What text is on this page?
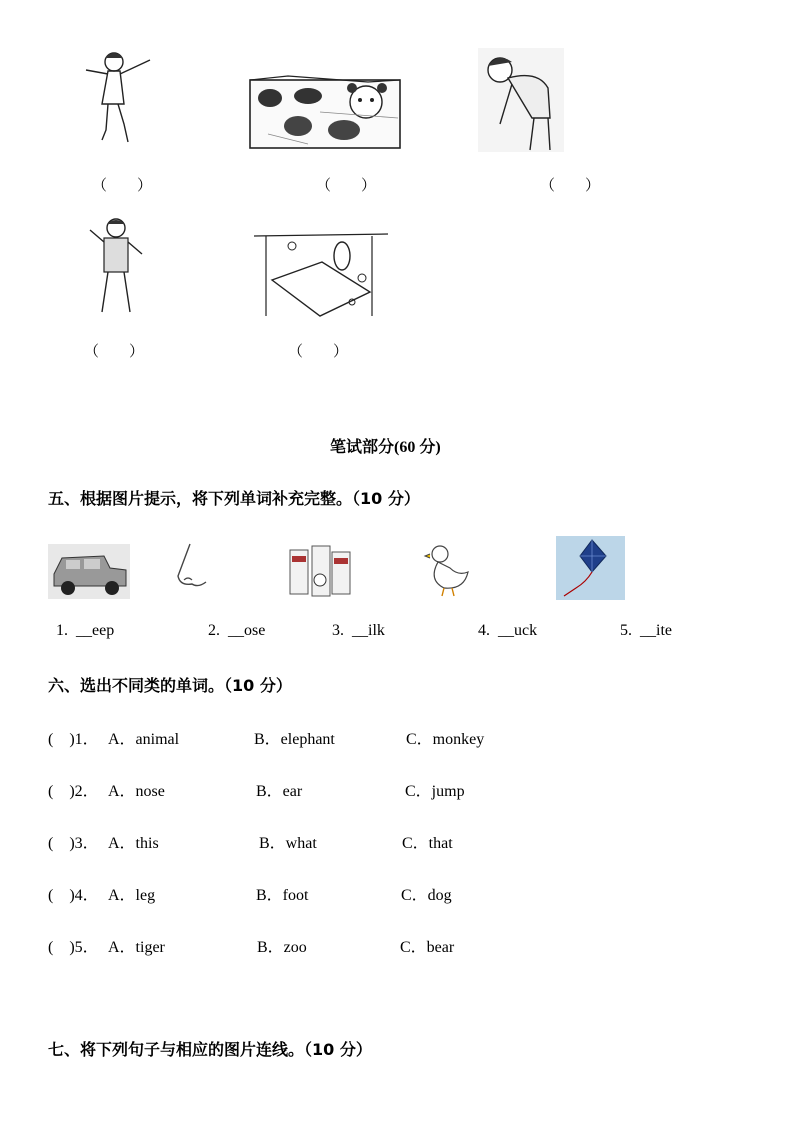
（　　）	（　　）	（　　）
（　　）	（　　）
笔试部分(60 分)
五、根据图片提示，将下列单词补充完整。（10 分）
1.  __eep	2.  __ose	3.  __ilk	4.  __uck	5.  __ite
六、选出不同类的单词。（10 分）
(    )1． A．animal	B．elephant	C．monkey
(    )2． A．nose	B．ear	C．jump
(    )3． A．this	B．what	C．that
(    )4． A．leg	B．foot	C．dog
(    )5． A．tiger	B．zoo	C．bear
七、将下列句子与相应的图片连线。（10 分）
